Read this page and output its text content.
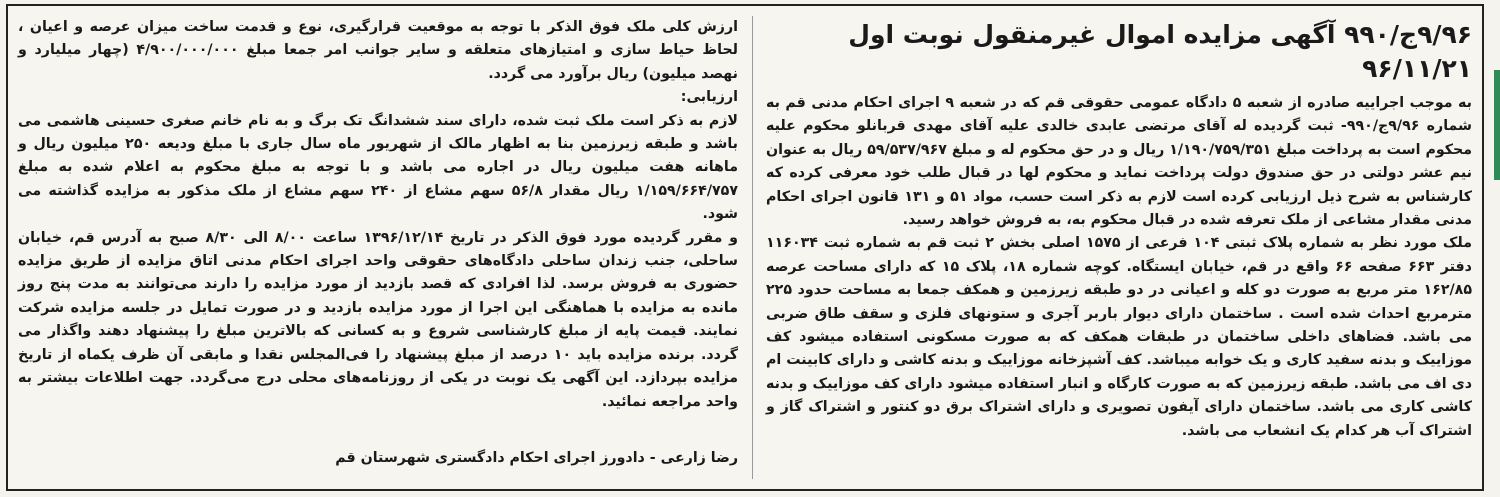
۹/۹۶ج/۹۹۰ آگهی مزایده اموال غیرمنقول نوبت اول ۹۶/۱۱/۲۱

به موجب اجراییه صادره از شعبه ۵ دادگاه عمومی حقوقی قم که در شعبه ۹ اجرای احکام مدنی قم به شماره ۹/۹۶ج/۹۹۰- ثبت گردیده له آقای مرتضی عابدی خالدی علیه آقای مهدی قربانلو محکوم علیه محکوم است به پرداخت مبلغ ۱/۱۹۰/۷۵۹/۳۵۱ ریال و در حق محکوم له و مبلغ ۵۹/۵۳۷/۹۶۷ ریال به عنوان نیم عشر دولتی در حق صندوق دولت پرداخت نماید و محکوم لها در قبال طلب خود معرفی کرده که کارشناس به شرح ذیل ارزیابی کرده است لازم به ذکر است حسب، مواد ۵۱ و ۱۳۱ قانون اجرای احکام مدنی مقدار مشاعی از ملک تعرفه شده در قبال محکوم به، به فروش خواهد رسید.

ملک مورد نظر به شماره پلاک ثبتی ۱۰۴ فرعی از ۱۵۷۵ اصلی بخش ۲ ثبت قم به شماره ثبت ۱۱۶۰۳۴ دفتر ۶۶۳ صفحه ۶۶ واقع در قم، خیابان ایستگاه. کوچه شماره ۱۸، پلاک ۱۵ که دارای مساحت عرصه ۱۶۲/۸۵ متر مربع به صورت دو کله و اعیانی در دو طبقه زیرزمین و همکف جمعا به مساحت حدود ۲۲۵ مترمربع احداث شده است . ساختمان دارای دیوار باربر آجری و ستونهای فلزی و سقف طاق ضربی می باشد. فضاهای داخلی ساختمان در طبقات همکف که به صورت مسکونی استفاده میشود کف موزاییک و بدنه سفید کاری و یک خوابه میباشد. کف آشپزخانه موزاییک و بدنه کاشی و دارای کابینت ام دی اف می باشد. طبقه زیرزمین که به صورت کارگاه و انبار استفاده میشود دارای کف موزاییک و بدنه کاشی کاری می باشد. ساختمان دارای آیفون تصویری و دارای اشتراک برق دو کنتور و اشتراک گاز و اشتراک آب هر کدام یک انشعاب می باشد.

ارزش کلی ملک فوق الذکر با توجه به موقعیت قرارگیری، نوع و قدمت ساخت میزان عرصه و اعیان ، لحاظ حیاط سازی و امتیازهای متعلقه و سایر جوانب امر جمعا مبلغ ۴/۹۰۰/۰۰۰/۰۰۰ (چهار میلیارد و نهصد میلیون) ریال برآورد می گردد.

ارزیابی:

لازم به ذکر است ملک ثبت شده، دارای سند ششدانگ تک برگ و به نام خانم صغری حسینی هاشمی می باشد و طبقه زیرزمین بنا به اظهار مالک از شهریور ماه سال جاری با مبلغ ودیعه ۲۵۰ میلیون ریال و ماهانه هفت میلیون ریال در اجاره می باشد و با توجه به مبلغ محکوم به اعلام شده به مبلغ ۱/۱۵۹/۶۶۴/۷۵۷ ریال مقدار ۵۶/۸ سهم مشاع از ۲۴۰ سهم مشاع از ملک مذکور به مزایده گذاشته می شود.

و مقرر گردیده مورد فوق الذکر در تاریخ ۱۳۹۶/۱۲/۱۴ ساعت ۸/۰۰ الی ۸/۳۰ صبح به آدرس قم، خیابان ساحلی، جنب زندان ساحلی دادگاه‌های حقوقی واحد اجرای احکام مدنی اتاق مزایده از طریق مزایده حضوری به فروش برسد. لذا افرادی که قصد بازدید از مورد مزایده را دارند می‌توانند به مدت پنج روز مانده به مزایده با هماهنگی این اجرا از مورد مزایده بازدید و در صورت تمایل در جلسه مزایده شرکت نمایند. قیمت پایه از مبلغ کارشناسی شروع و به کسانی که بالاترین مبلغ را پیشنهاد دهند واگذار می گردد. برنده مزایده باید ۱۰ درصد از مبلغ پیشنهاد را فی‌المجلس نقدا و مابقی آن ظرف یکماه از تاریخ مزایده بپردازد. این آگهی یک نوبت در یکی از روزنامه‌های محلی درج می‌گردد. جهت اطلاعات بیشتر به واحد مراجعه نمائید.

رضا زارعی - دادورز اجرای احکام دادگستری شهرستان قم
